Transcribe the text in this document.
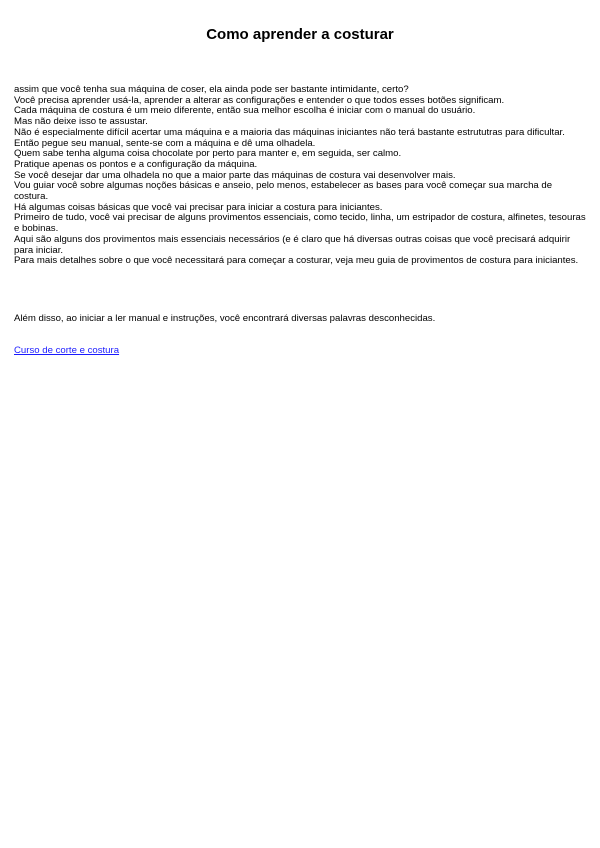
Como aprender a costurar

assim que você tenha sua máquina de coser, ela ainda pode ser bastante intimidante, certo?

Você precisa aprender usá-la, aprender a alterar as configurações e entender o que todos esses botões significam.

Cada máquina de costura é um meio diferente, então sua melhor escolha é iniciar com o manual do usuário.

Mas não deixe isso te assustar.

Não é especialmente difícil acertar uma máquina e a maioria das máquinas iniciantes não terá bastante estrututras para dificultar.

Então pegue seu manual, sente-se com a máquina e dê uma olhadela.

Quem sabe tenha alguma coisa chocolate por perto para manter e, em seguida, ser calmo.

Pratique apenas os pontos e a configuração da máquina.

Se você desejar dar uma olhadela no que a maior parte das máquinas de costura vai desenvolver mais.

Vou guiar você sobre algumas noções básicas e anseio, pelo menos, estabelecer as bases para você começar sua marcha de costura.

Há algumas coisas básicas que você vai precisar para iniciar a costura para iniciantes.

Primeiro de tudo, você vai precisar de alguns provimentos essenciais, como tecido, linha, um estripador de costura, alfinetes, tesouras e bobinas.

Aqui são alguns dos provimentos mais essenciais necessários (e é claro que há diversas outras coisas que você precisará adquirir para iniciar.

Para mais detalhes sobre o que você necessitará para começar a costurar, veja meu guia de provimentos de costura para iniciantes.

Além disso, ao iniciar a ler manual e instruções, você encontrará diversas palavras desconhecidas.

Curso de corte e costura
